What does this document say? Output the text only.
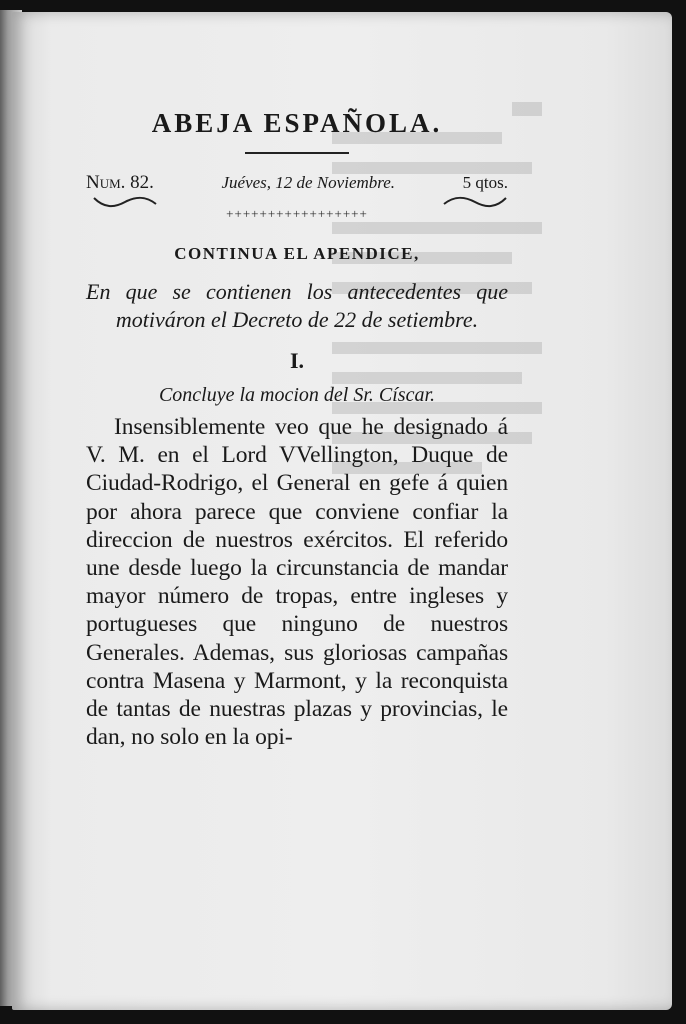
ABEJA ESPAÑOLA.
Num. 82.	Juéves, 12 de Noviembre.	5 qtos.
+++++++++++++++++
CONTINUA EL APENDICE,
En que se contienen los antecedentes que motiváron el Decreto de 22 de setiembre.
I.
Concluye la mocion del Sr. Císcar.
Insensiblemente veo que he designado á V. M. en el Lord VVellington, Duque de Ciudad-Rodrigo, el General en gefe á quien por ahora parece que conviene confiar la direccion de nuestros exércitos. El referido une desde luego la circunstancia de mandar mayor número de tropas, entre ingleses y portugueses que ninguno de nuestros Generales. Ademas, sus gloriosas campañas contra Masena y Marmont, y la reconquista de tantas de nuestras plazas y provincias, le dan, no solo en la opi-
